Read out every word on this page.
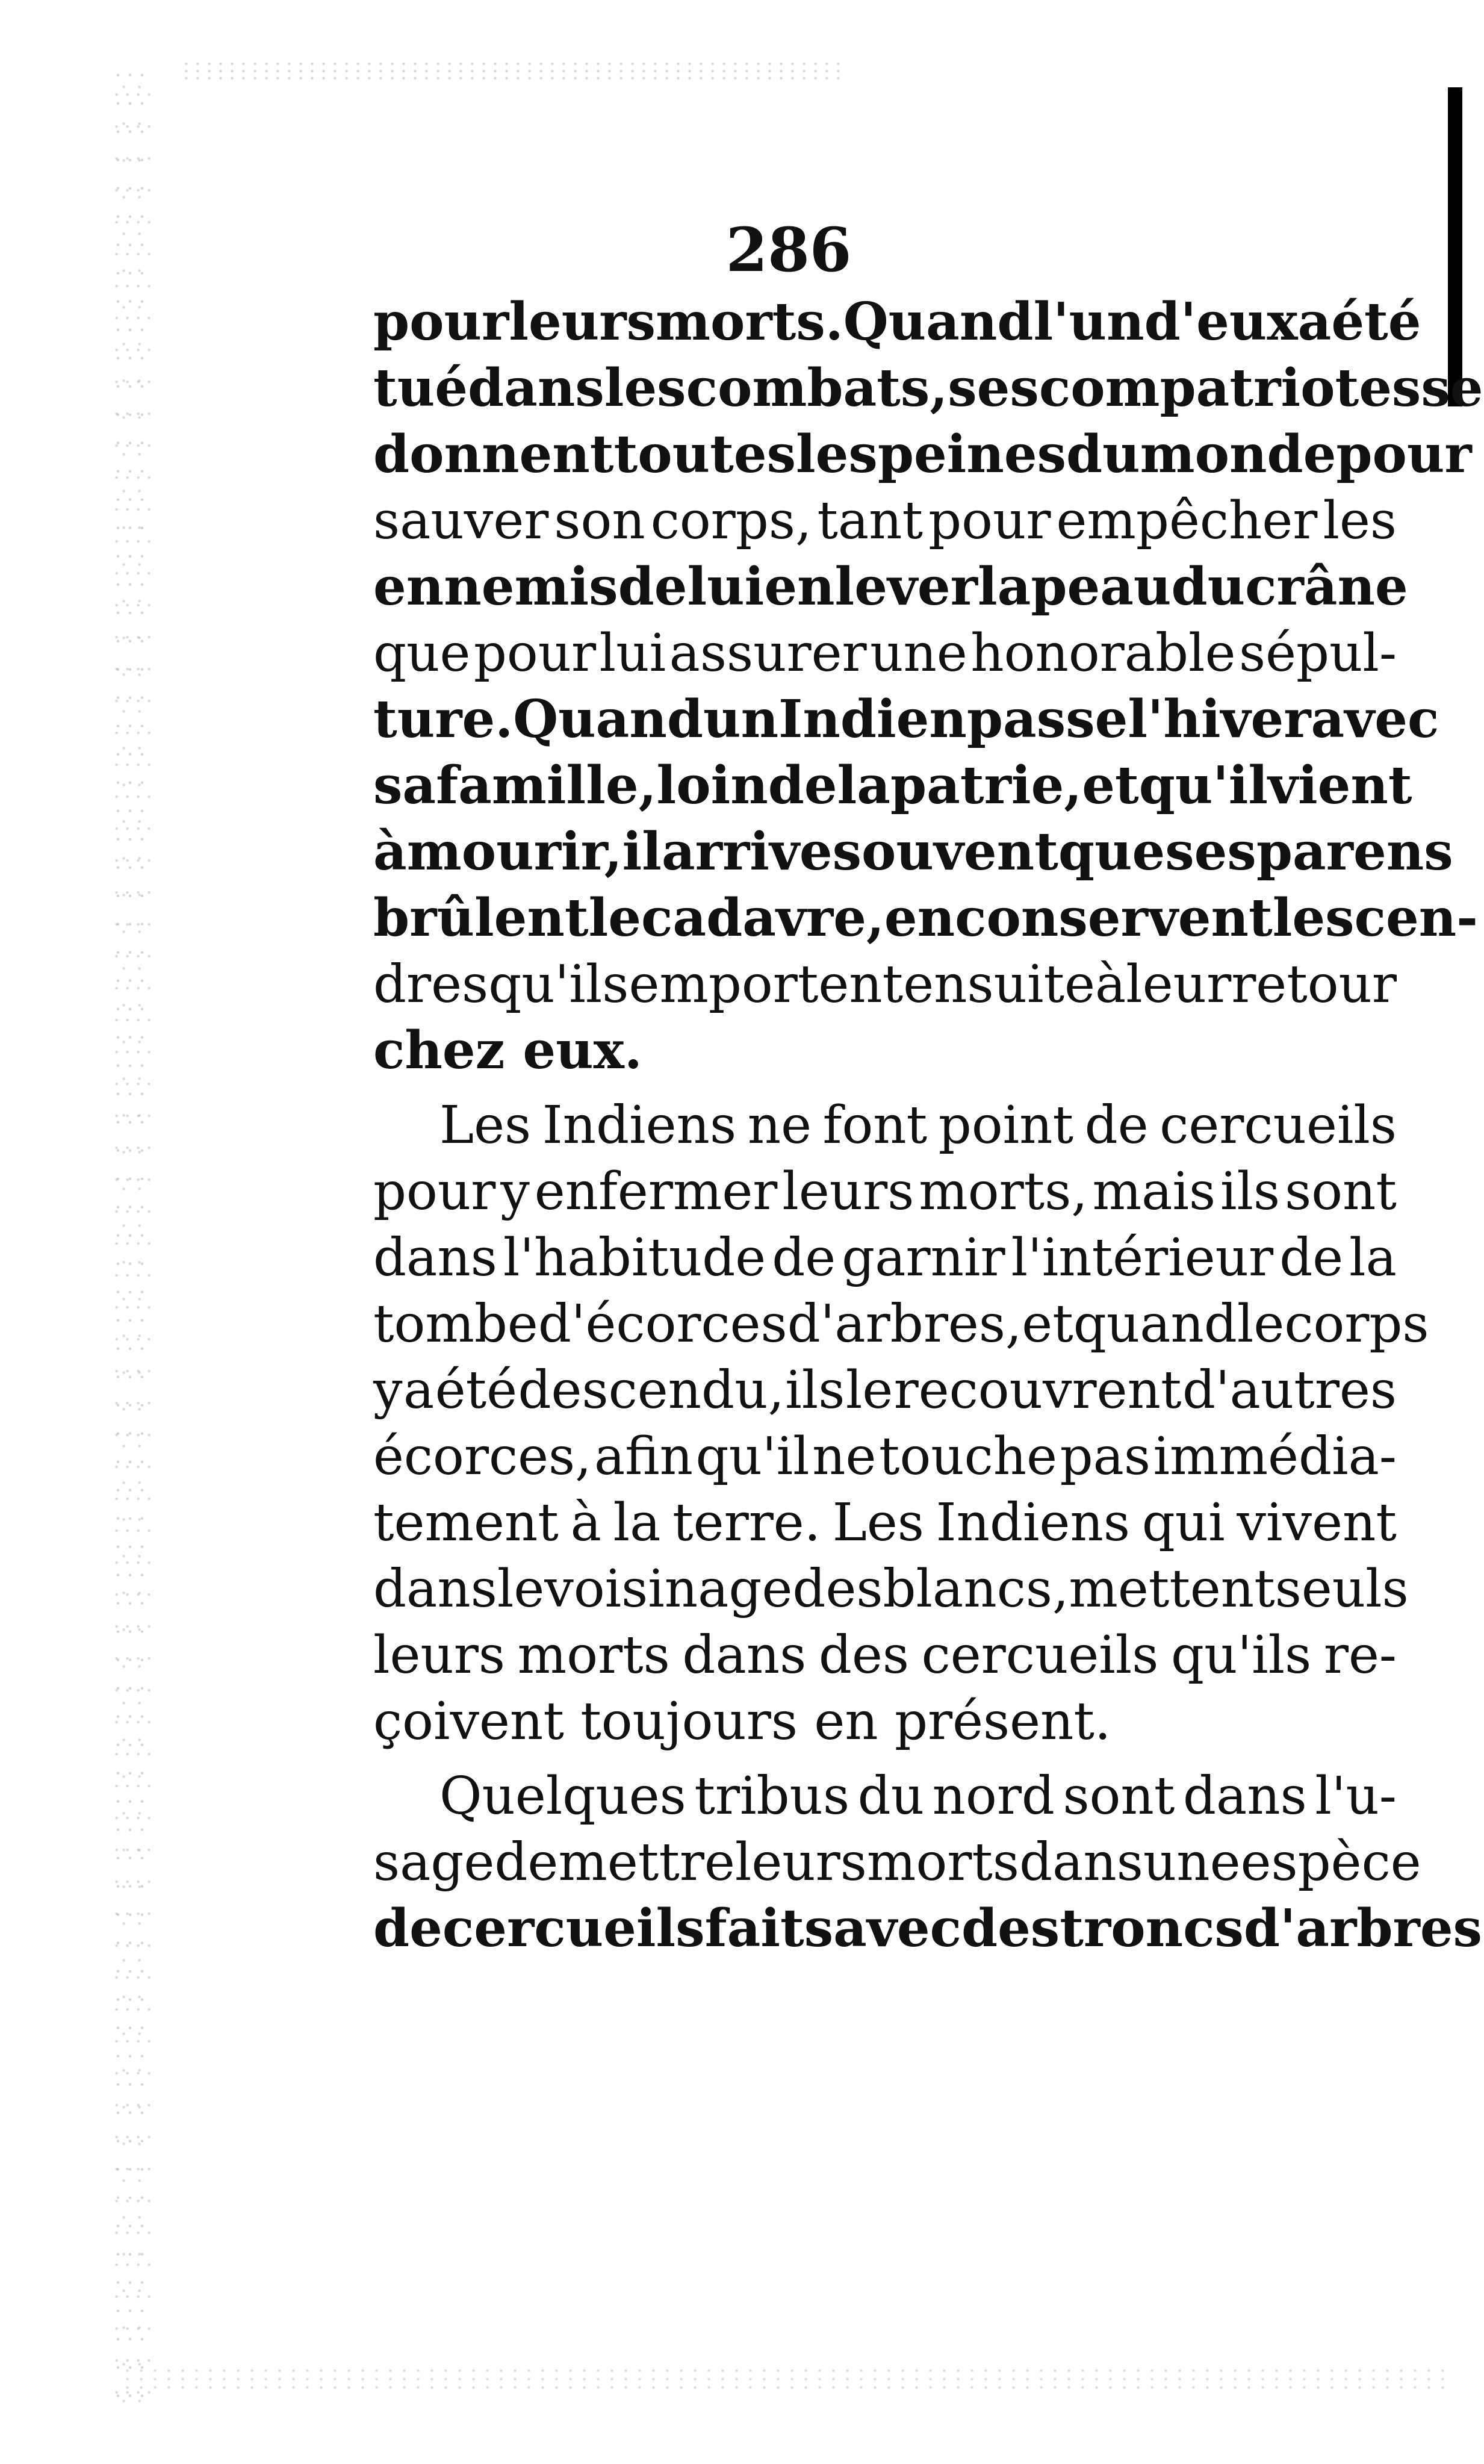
286
pour leurs morts. Quand l'un d'eux a été
tué dans les combats, ses compatriotes se
donnent toutes les peines du monde pour
sauver son corps, tant pour empêcher les
ennemis de lui enlever la peau du crâne
que pour lui assurer une honorable sépul-
ture. Quand un Indien passe l'hiver avec
sa famille, loin de la patrie, et qu'il vient
à mourir, il arrive souvent que ses parens
brûlent le cadavre, en conservent les cen-
dres qu'ils emportent ensuite à leur retour
chez eux.
Les Indiens ne font point de cercueils
pour y enfermer leurs morts, mais ils sont
dans l'habitude de garnir l'intérieur de la
tombe d'écorces d'arbres, et quand le corps
y a été descendu, ils le recouvrent d'autres
écorces, afin qu'il ne touche pas immédia-
tement à la terre. Les Indiens qui vivent
dans le voisinage des blancs, mettent seuls
leurs morts dans des cercueils qu'ils re-
çoivent toujours en présent.
Quelques tribus du nord sont dans l'u-
sage de mettre leurs morts dans une espèce
de cercueils faits avec des troncs d'arbres
